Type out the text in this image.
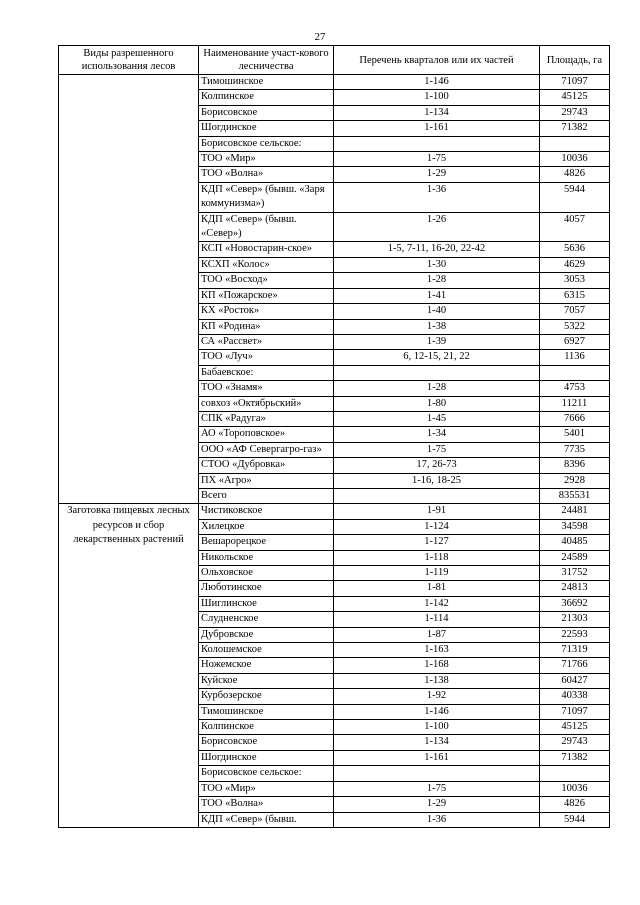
27
Виды разрешенного использования лесов	Наименование участ-кового лесничества	Перечень кварталов или их частей	Площадь, га
	Тимошинское	1-146	71097
	Колпинское	1-100	45125
	Борисовское	1-134	29743
	Шогдинское	1-161	71382
	Борисовское сельское:		
	ТОО «Мир»	1-75	10036
	ТОО «Волна»	1-29	4826
	КДП «Север» (бывш. «Заря коммунизма»)	1-36	5944
	КДП «Север» (бывш. «Север»)	1-26	4057
	КСП «Новостарин-ское»	1-5, 7-11, 16-20, 22-42	5636
	КСХП «Колос»	1-30	4629
	ТОО «Восход»	1-28	3053
	КП «Пожарское»	1-41	6315
	КХ «Росток»	1-40	7057
	КП «Родина»	1-38	5322
	СА «Рассвет»	1-39	6927
	ТОО «Луч»	6, 12-15, 21, 22	1136
	Бабаевское:		
	ТОО «Знамя»	1-28	4753
	совхоз «Октябрьский»	1-80	11211
	СПК «Радуга»	1-45	7666
	АО «Тороповское»	1-34	5401
	ООО «АФ Севергагро-газ»	1-75	7735
	СТОО «Дубровка»	17, 26-73	8396
	ПХ «Агро»	1-16, 18-25	2928
	Всего		835531
Заготовка пищевых лесных ресурсов и сбор лекарственных растений	Чистиковское	1-91	24481
	Хилецкое	1-124	34598
	Вешарорецкое	1-127	40485
	Никольское	1-118	24589
	Ольховское	1-119	31752
	Люботинское	1-81	24813
	Шиглинское	1-142	36692
	Слудненское	1-114	21303
	Дубровское	1-87	22593
	Колошемское	1-163	71319
	Ножемское	1-168	71766
	Куйское	1-138	60427
	Курбозерское	1-92	40338
	Тимошинское	1-146	71097
	Колпинское	1-100	45125
	Борисовское	1-134	29743
	Шогдинское	1-161	71382
	Борисовское сельское:		
	ТОО «Мир»	1-75	10036
	ТОО «Волна»	1-29	4826
	КДП «Север» (бывш.	1-36	5944
